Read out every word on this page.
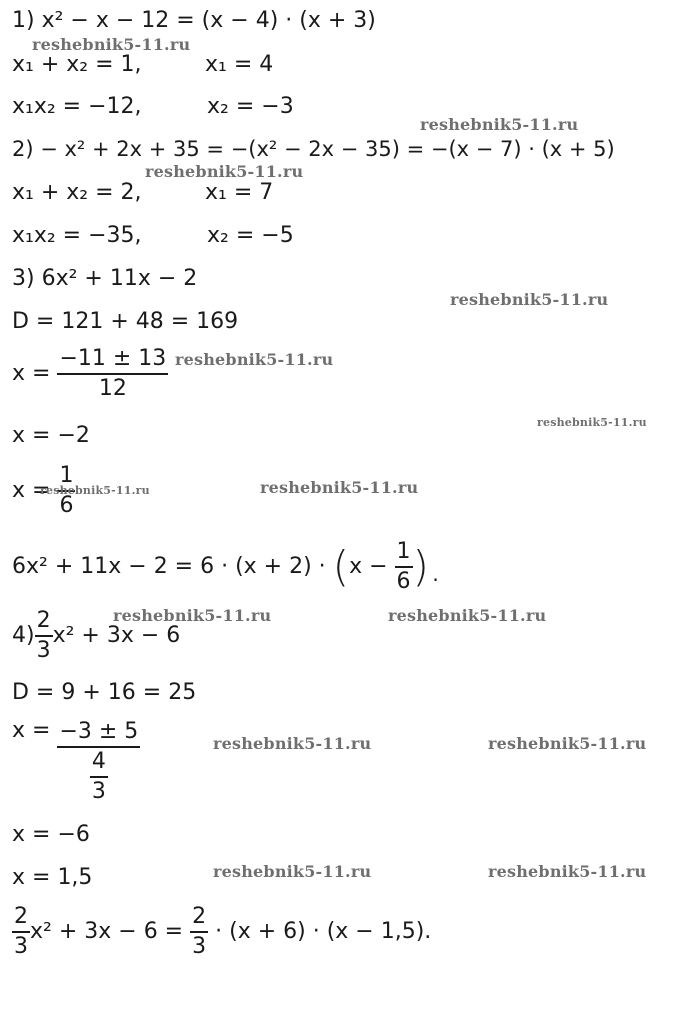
1) x² − x − 12 = (x − 4) · (x + 3)
x₁ + x₂ = 1,	x₁ = 4
x₁x₂ = −12,	x₂ = −3
2) − x² + 2x + 35 = −(x² − 2x − 35) = −(x − 7) · (x + 5)
x₁ + x₂ = 2,	x₁ = 7
x₁x₂ = −35,	x₂ = −5
3) 6x² + 11x − 2
D = 121 + 48 = 169
$x = \frac{-11 \pm 13}{12}$
x = −2
$x = \frac{1}{6}$
$6x^2 + 11x - 2 = 6 \cdot (x + 2) \cdot (x - \frac{1}{6}$ ).
$4) \frac{2}{3} x^2 + 3x - 6$
D = 9 + 16 = 25
$x = \frac{-3 \pm 5}{\frac{4}{3}}$
x = −6
x = 1,5
$\frac{2}{3} x^2 + 3x - 6 = \frac{2}{3} \cdot (x + 6) \cdot (x - 1,5)$.
reshebnik5-11.ru
reshebnik5-11.ru
reshebnik5-11.ru
reshebnik5-11.ru
reshebnik5-11.ru
reshebnik5-11.ru
reshebnik5-11.ru	reshebnik5-11.ru
reshebnik5-11.ru	reshebnik5-11.ru
reshebnik5-11.ru	reshebnik5-11.ru
reshebnik5-11.ru	reshebnik5-11.ru
